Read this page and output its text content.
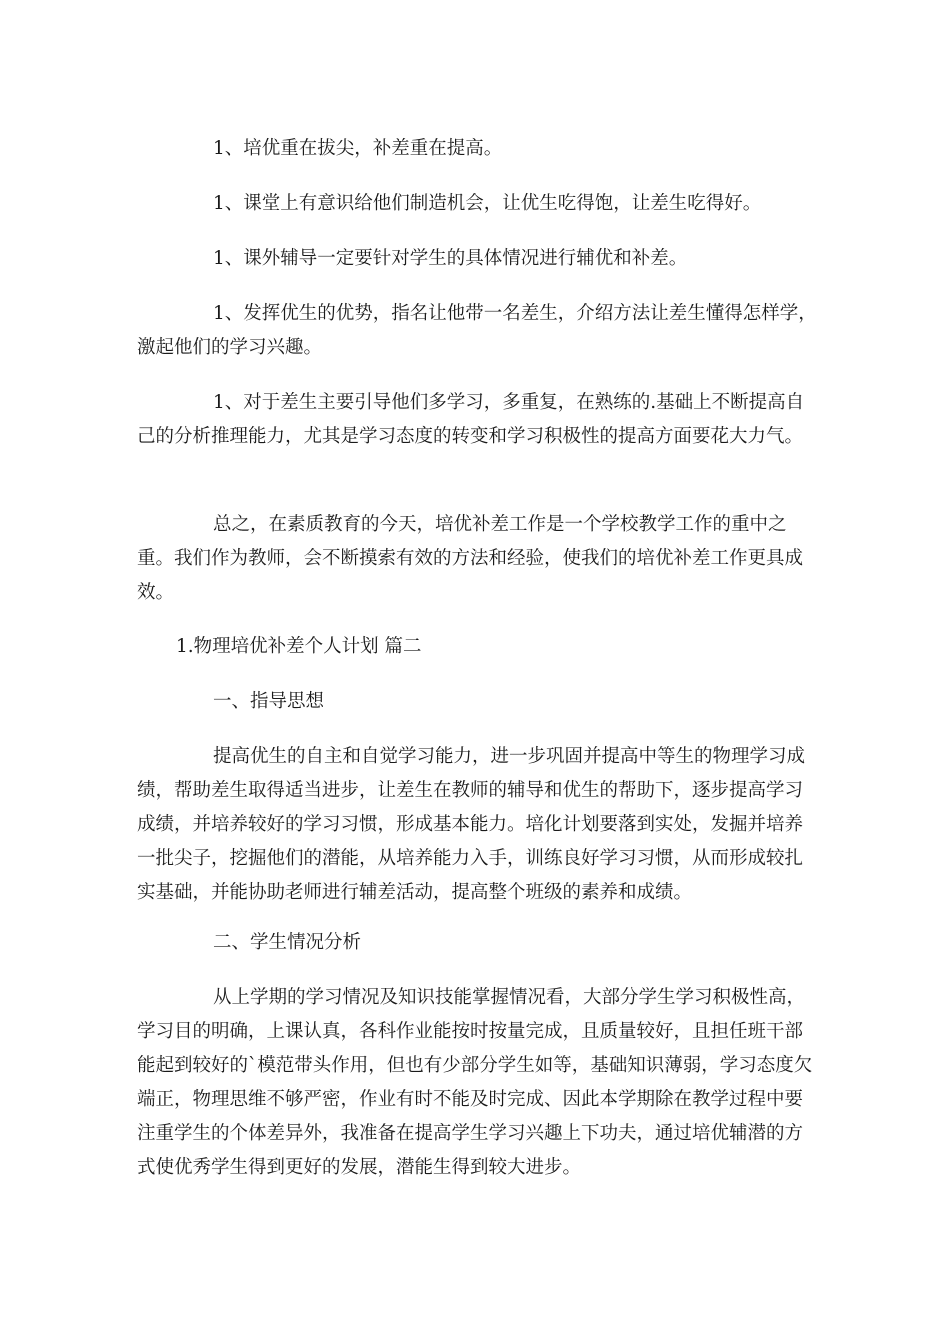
1、培优重在拔尖，补差重在提高。

1、课堂上有意识给他们制造机会，让优生吃得饱，让差生吃得好。

1、课外辅导一定要针对学生的具体情况进行辅优和补差。

1、发挥优生的优势，指名让他带一名差生，介绍方法让差生懂得怎样学，激起他们的学习兴趣。

1、对于差生主要引导他们多学习，多重复，在熟练的.基础上不断提高自己的分析推理能力，尤其是学习态度的转变和学习积极性的提高方面要花大力气。

总之，在素质教育的今天，培优补差工作是一个学校教学工作的重中之重。我们作为教师，会不断摸索有效的方法和经验，使我们的培优补差工作更具成效。

1.物理培优补差个人计划 篇二

一、指导思想

提高优生的自主和自觉学习能力，进一步巩固并提高中等生的物理学习成绩，帮助差生取得适当进步，让差生在教师的辅导和优生的帮助下，逐步提高学习成绩，并培养较好的学习习惯，形成基本能力。培化计划要落到实处，发掘并培养一批尖子，挖掘他们的潜能，从培养能力入手，训练良好学习习惯，从而形成较扎实基础，并能协助老师进行辅差活动，提高整个班级的素养和成绩。

二、学生情况分析

从上学期的学习情况及知识技能掌握情况看，大部分学生学习积极性高，学习目的明确，上课认真，各科作业能按时按量完成，且质量较好，且担任班干部能起到较好的`模范带头作用，但也有少部分学生如等，基础知识薄弱，学习态度欠端正，物理思维不够严密，作业有时不能及时完成、因此本学期除在教学过程中要注重学生的个体差异外，我准备在提高学生学习兴趣上下功夫，通过培优辅潜的方式使优秀学生得到更好的发展，潜能生得到较大进步。
